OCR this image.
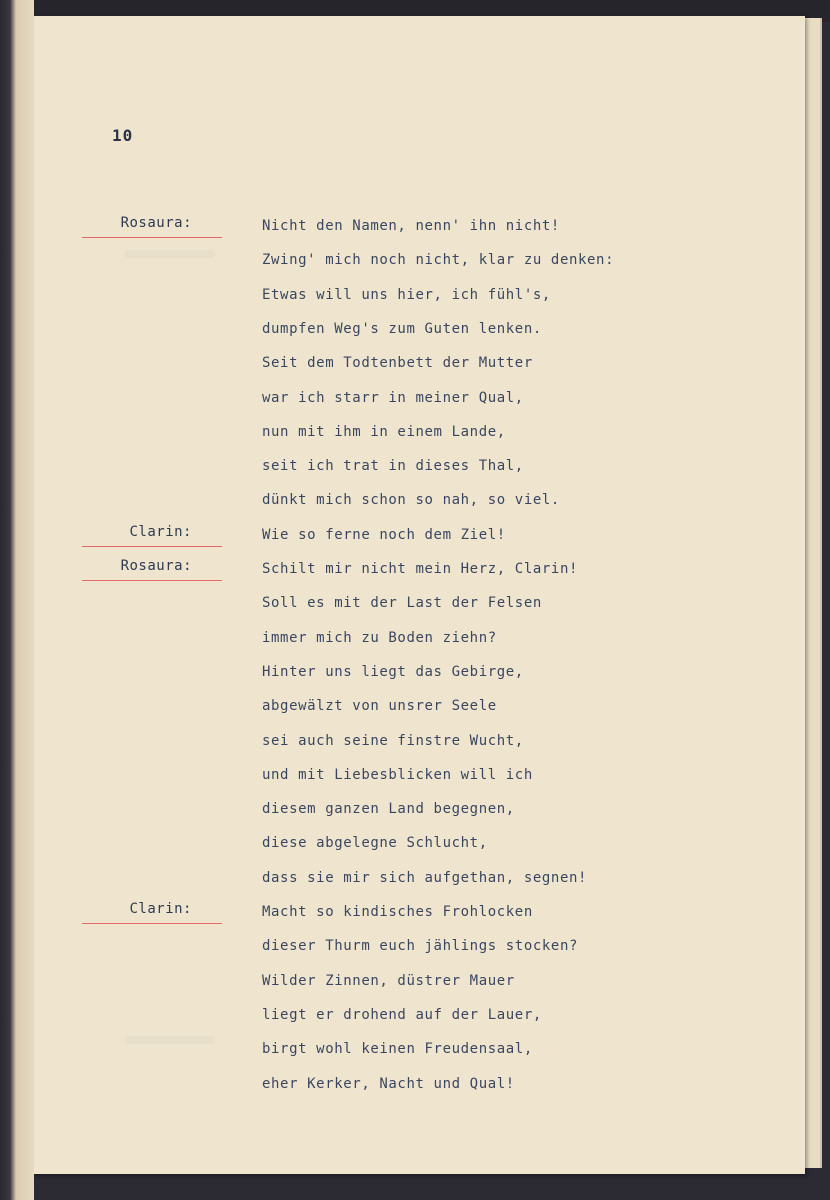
10
Rosaura:	Nicht den Namen, nenn' ihn nicht!
Zwing' mich noch nicht, klar zu denken:
Etwas will uns hier, ich fühl's,
dumpfen Weg's zum Guten lenken.
Seit dem Todtenbett der Mutter
war ich starr in meiner Qual,
nun mit ihm in einem Lande,
seit ich trat in dieses Thal,
dünkt mich schon so nah, so viel.
Clarin:	Wie so ferne noch dem Ziel!
Rosaura:	Schilt mir nicht mein Herz, Clarin!
Soll es mit der Last der Felsen
immer mich zu Boden ziehn?
Hinter uns liegt das Gebirge,
abgewälzt von unsrer Seele
sei auch seine finstre Wucht,
und mit Liebesblicken will ich
diesem ganzen Land begegnen,
diese abgelegne Schlucht,
dass sie mir sich aufgethan, segnen!
Clarin:	Macht so kindisches Frohlocken
dieser Thurm euch jählings stocken?
Wilder Zinnen, düstrer Mauer
liegt er drohend auf der Lauer,
birgt wohl keinen Freudensaal,
eher Kerker, Nacht und Qual!
